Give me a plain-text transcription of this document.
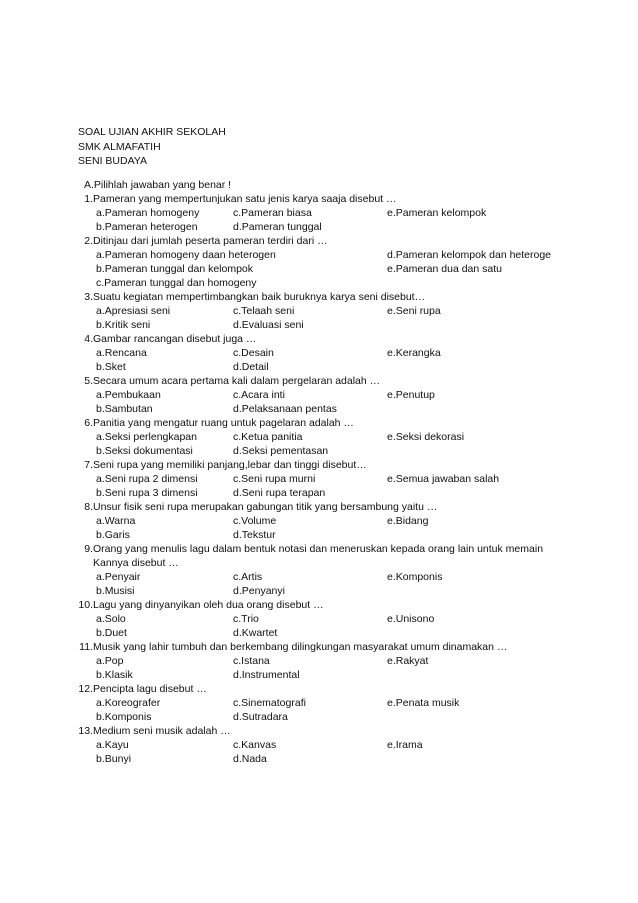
SOAL UJIAN AKHIR SEKOLAH
SMK ALMAFATIH
SENI BUDAYA
A.Pilihlah jawaban yang benar !
1. Pameran yang mempertunjukan satu jenis karya saaja disebut …
a.Pameran homogeny	c.Pameran biasa	e.Pameran kelompok
b.Pameran heterogen	d.Pameran tunggal
2. Ditinjau dari jumlah peserta pameran terdiri dari …
a.Pameran homogeny daan heterogen	d.Pameran kelompok dan heteroge
b.Pameran tunggal dan kelompok	e.Pameran dua dan satu
c.Pameran tunggal dan homogeny
3. Suatu kegiatan mempertimbangkan baik buruknya karya seni disebut…
a.Apresiasi seni	c.Telaah seni	e.Seni rupa
b.Kritik seni	d.Evaluasi seni
4. Gambar rancangan disebut juga …
a.Rencana	c.Desain	e.Kerangka
b.Sket	d.Detail
5. Secara umum acara pertama kali dalam pergelaran adalah …
a.Pembukaan	c.Acara inti	e.Penutup
b.Sambutan	d.Pelaksanaan pentas
6. Panitia yang mengatur ruang untuk pagelaran adalah …
a.Seksi perlengkapan	c.Ketua panitia	e.Seksi dekorasi
b.Seksi dokumentasi	d.Seksi pementasan
7. Seni rupa yang memiliki panjang,lebar dan tinggi disebut…
a.Seni rupa 2 dimensi	c.Seni rupa murni	e.Semua jawaban salah
b.Seni rupa 3 dimensi	d.Seni rupa terapan
8. Unsur fisik seni rupa merupakan gabungan titik yang bersambung yaitu …
a.Warna	c.Volume	e.Bidang
b.Garis	d.Tekstur
9. Orang yang menulis lagu dalam bentuk notasi dan meneruskan kepada orang lain untuk memain Kannya disebut …
a.Penyair	c.Artis	e.Komponis
b.Musisi	d.Penyanyi
10. Lagu yang dinyanyikan oleh dua orang disebut …
a.Solo	c.Trio	e.Unisono
b.Duet	d.Kwartet
11. Musik yang lahir tumbuh dan berkembang dilingkungan masyarakat umum dinamakan …
a.Pop	c.Istana	e.Rakyat
b.Klasik	d.Instrumental
12. Pencipta lagu disebut …
a.Koreografer	c.Sinematografi	e.Penata musik
b.Komponis	d.Sutradara
13. Medium seni musik adalah …
a.Kayu	c.Kanvas	e.Irama
b.Bunyi	d.Nada
